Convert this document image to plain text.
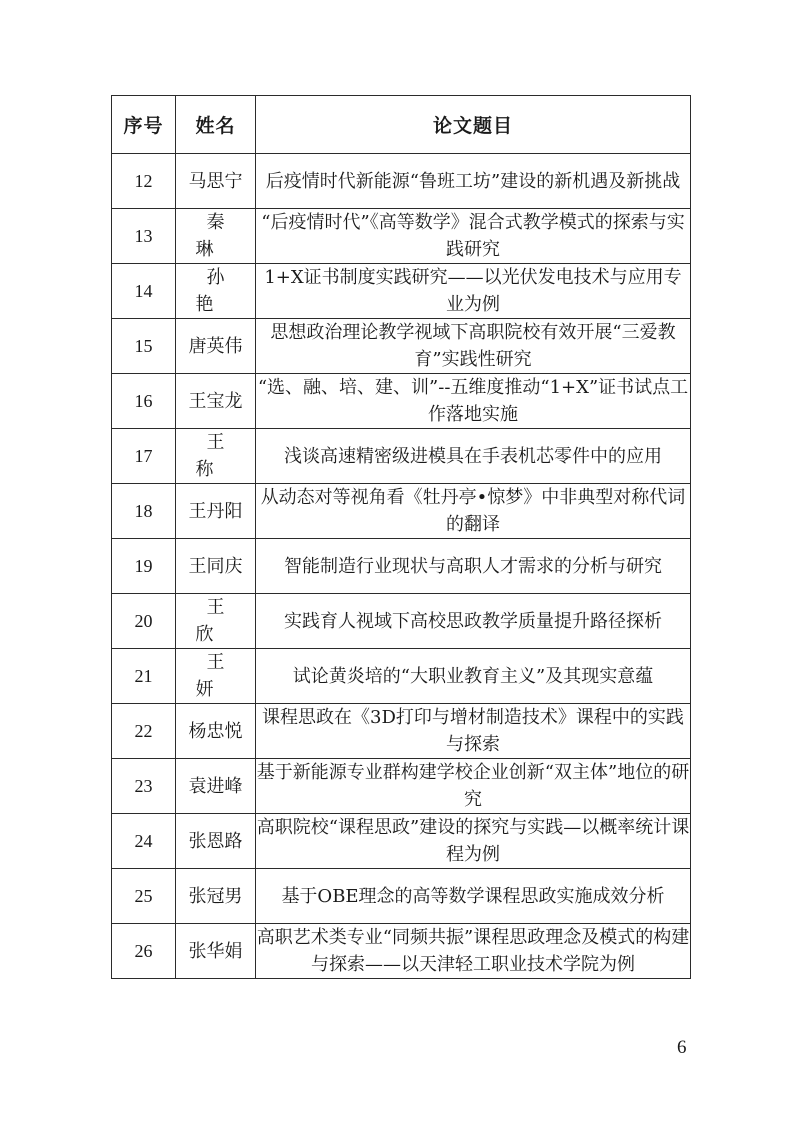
序号	姓名	论文题目
12	马思宁	后疫情时代新能源“鲁班工坊”建设的新机遇及新挑战
13	秦琳	“后疫情时代”《高等数学》混合式教学模式的探索与实践研究
14	孙艳	1+X证书制度实践研究——以光伏发电技术与应用专业为例
15	唐英伟	思想政治理论教学视域下高职院校有效开展“三爱教育”实践性研究
16	王宝龙	“选、融、培、建、训”--五维度推动“1+X”证书试点工作落地实施
17	王称	浅谈高速精密级进模具在手表机芯零件中的应用
18	王丹阳	从动态对等视角看《牡丹亭•惊梦》中非典型对称代词的翻译
19	王同庆	智能制造行业现状与高职人才需求的分析与研究
20	王欣	实践育人视域下高校思政教学质量提升路径探析
21	王妍	试论黄炎培的“大职业教育主义”及其现实意蕴
22	杨忠悦	课程思政在《3D打印与增材制造技术》课程中的实践与探索
23	袁进峰	基于新能源专业群构建学校企业创新“双主体”地位的研究
24	张恩路	高职院校“课程思政”建设的探究与实践—以概率统计课程为例
25	张冠男	基于OBE理念的高等数学课程思政实施成效分析
26	张华娟	高职艺术类专业“同频共振”课程思政理念及模式的构建与探索——以天津轻工职业技术学院为例
6
